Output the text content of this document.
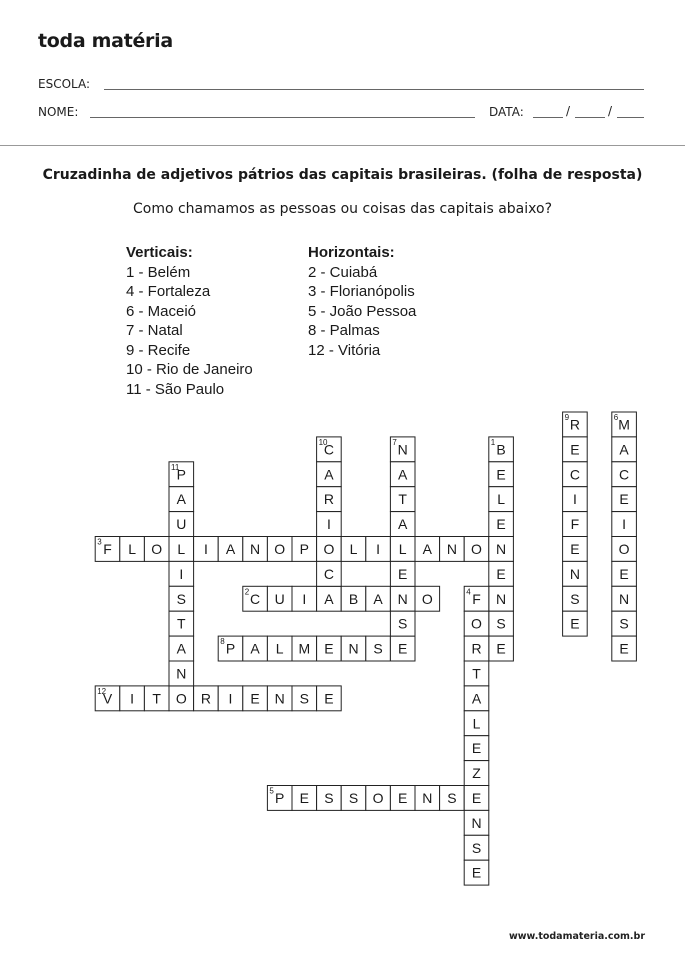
toda matéria
ESCOLA:
NOME:	DATA:	/	/
Cruzadinha de adjetivos pátrios das capitais brasileiras. (folha de resposta)
Como chamamos as pessoas ou coisas das capitais abaixo?
Verticais:
1 - Belém
4 - Fortaleza
6 - Maceió
7 - Natal
9 - Recife
10 - Rio de Janeiro
11 - São Paulo
Horizontais:
2 - Cuiabá
3 - Florianópolis
5 - João Pessoa
8 - Palmas
12 - Vitória
F L O L I A N O P O L I L A N O
C U I A B A N O
P A L M E N S E
V I T O R I E N S E
P E S S O E N S E
P
A
U
I
S
T
A
N
C
A
R
I
C
N
A
T
A
E
S
B
E
L
E
N
E
N
S
E
R
E
C
I
F
E
N
S
E
M
A
C
E
I
O
E
N
S
E
F
O
R
T
A
L
E
Z
N
S
E
3
2
8
12
5
11
10	7	1
9	6
4
www.todamateria.com.br
